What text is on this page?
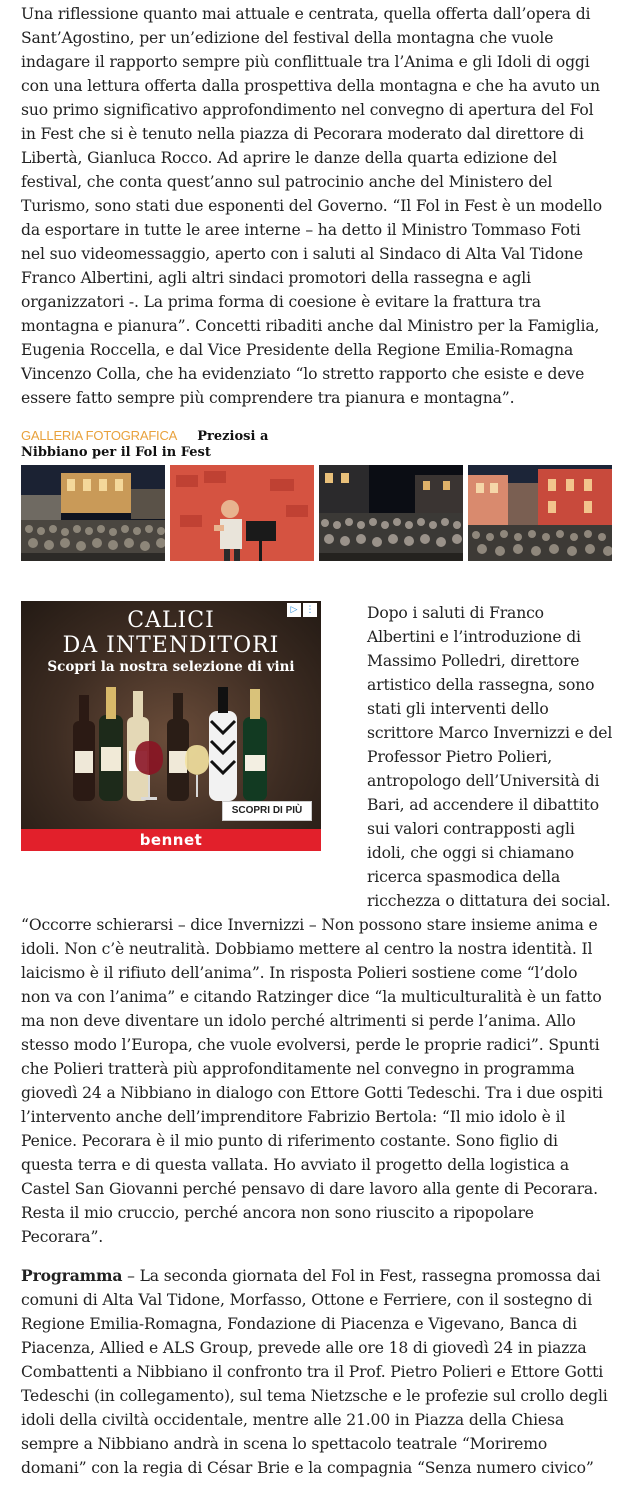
Una riflessione quanto mai attuale e centrata, quella offerta dall’opera di
Sant’Agostino, per un’edizione del festival della montagna che vuole
indagare il rapporto sempre più conflittuale tra l’Anima e gli Idoli di oggi
con una lettura offerta dalla prospettiva della montagna e che ha avuto un
suo primo significativo approfondimento nel convegno di apertura del Fol
in Fest che si è tenuto nella piazza di Pecorara moderato dal direttore di
Libertà, Gianluca Rocco. Ad aprire le danze della quarta edizione del
festival, che conta quest’anno sul patrocinio anche del Ministero del
Turismo, sono stati due esponenti del Governo. “Il Fol in Fest è un modello
da esportare in tutte le aree interne – ha detto il Ministro Tommaso Foti
nel suo videomessaggio, aperto con i saluti al Sindaco di Alta Val Tidone
Franco Albertini, agli altri sindaci promotori della rassegna e agli
organizzatori -. La prima forma di coesione è evitare la frattura tra
montagna e pianura”. Concetti ribaditi anche dal Ministro per la Famiglia,
Eugenia Roccella, e dal Vice Presidente della Regione Emilia-Romagna
Vincenzo Colla, che ha evidenziato “lo stretto rapporto che esiste e deve
essere fatto sempre più comprendere tra pianura e montagna”.
GALLERIA FOTOGRAFICA Preziosi a
Nibbiano per il Fol in Fest
▷ ⋮
CALICI
DA INTENDITORI
Scopri la nostra selezione di vini
SCOPRI DI PIÙ
bennet
Dopo i saluti di Franco
Albertini e l’introduzione di
Massimo Polledri, direttore
artistico della rassegna, sono
stati gli interventi dello
scrittore Marco Invernizzi e del
Professor Pietro Polieri,
antropologo dell’Università di
Bari, ad accendere il dibattito
sui valori contrapposti agli
idoli, che oggi si chiamano
ricerca spasmodica della
ricchezza o dittatura dei social.
“Occorre schierarsi – dice Invernizzi – Non possono stare insieme anima e
idoli. Non c’è neutralità. Dobbiamo mettere al centro la nostra identità. Il
laicismo è il rifiuto dell’anima”. In risposta Polieri sostiene come “l’dolo
non va con l’anima” e citando Ratzinger dice “la multiculturalità è un fatto
ma non deve diventare un idolo perché altrimenti si perde l’anima. Allo
stesso modo l’Europa, che vuole evolversi, perde le proprie radici”. Spunti
che Polieri tratterà più approfonditamente nel convegno in programma
giovedì 24 a Nibbiano in dialogo con Ettore Gotti Tedeschi. Tra i due ospiti
l’intervento anche dell’imprenditore Fabrizio Bertola: “Il mio idolo è il
Penice. Pecorara è il mio punto di riferimento costante. Sono figlio di
questa terra e di questa vallata. Ho avviato il progetto della logistica a
Castel San Giovanni perché pensavo di dare lavoro alla gente di Pecorara.
Resta il mio cruccio, perché ancora non sono riuscito a ripopolare
Pecorara”.
Programma – La seconda giornata del Fol in Fest, rassegna promossa dai
comuni di Alta Val Tidone, Morfasso, Ottone e Ferriere, con il sostegno di
Regione Emilia-Romagna, Fondazione di Piacenza e Vigevano, Banca di
Piacenza, Allied e ALS Group, prevede alle ore 18 di giovedì 24 in piazza
Combattenti a Nibbiano il confronto tra il Prof. Pietro Polieri e Ettore Gotti
Tedeschi (in collegamento), sul tema Nietzsche e le profezie sul crollo degli
idoli della civiltà occidentale, mentre alle 21.00 in Piazza della Chiesa
sempre a Nibbiano andrà in scena lo spettacolo teatrale “Moriremo
domani” con la regia di César Brie e la compagnia “Senza numero civico”
